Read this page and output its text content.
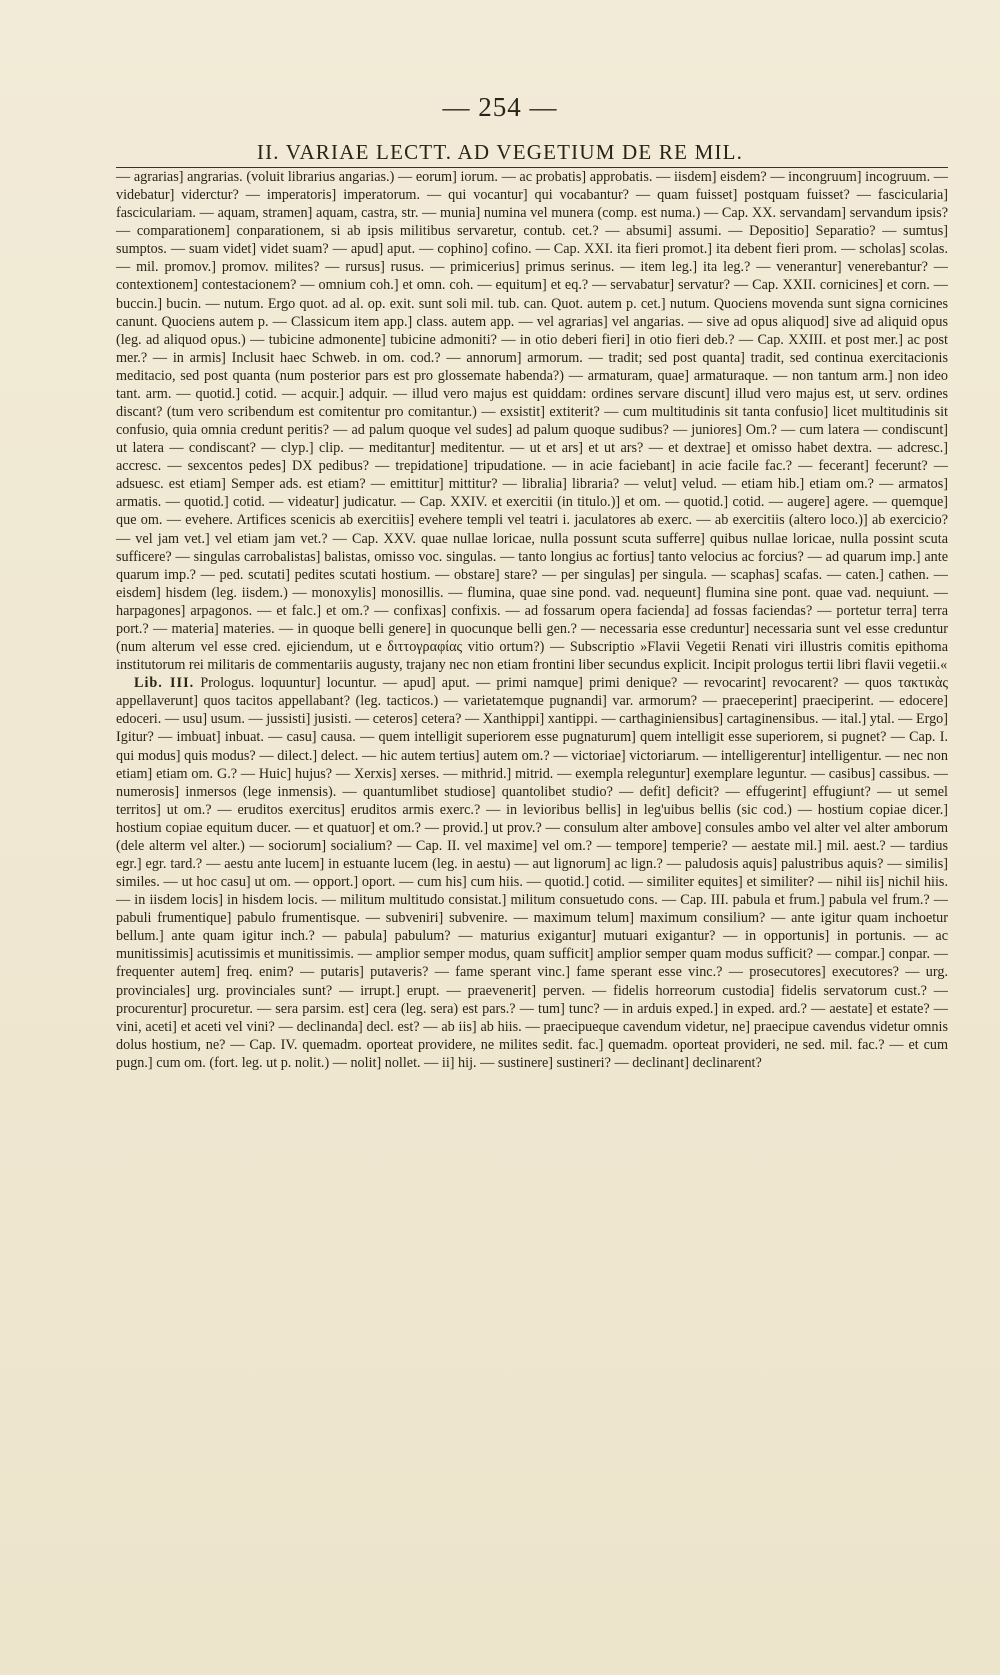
— 254 —
II. VARIAE LECTT. AD VEGETIUM DE RE MIL.

— agrarias] angrarias. (voluit librarius angarias.) — eorum] iorum. — ac probatis] approbatis. — iisdem] eisdem? — incongruum] incogruum. — videbatur] viderctur? — imperatoris] imperatorum. — qui vocantur] qui vocabantur? — quam fuisset] postquam fuisset? — fascicularia] fasciculariam. — aquam, stramen] aquam, castra, str. — munia] numina vel munera (comp. est numa.) — Cap. XX. servandam] servandum ipsis? — comparationem] conparationem, si ab ipsis militibus servaretur, contub. cet.? — absumi] assumi. — Depositio] Separatio? — sumtus] sumptos. — suam videt] videt suam? — apud] aput. — cophino] cofino. — Cap. XXI. ita fieri promot.] ita debent fieri prom. — scholas] scolas. — mil. promov.] promov. milites? — rursus] rusus. — primicerius] primus serinus. — item leg.] ita leg.? — venerantur] venerebantur? — contextionem] contestacionem? — omnium coh.] et omn. coh. — equitum] et eq.? — servabatur] servatur? — Cap. XXII. cornicines] et corn. — buccin.] bucin. — nutum. Ergo quot. ad al. op. exit. sunt soli mil. tub. can. Quot. autem p. cet.] nutum. Quociens movenda sunt signa cornicines canunt. Quociens autem p. — Classicum item app.] class. autem app. — vel agrarias] vel angarias. — sive ad opus aliquod] sive ad aliquid opus (leg. ad aliquod opus.) — tubicine admonente] tubicine admoniti? — in otio deberi fieri] in otio fieri deb.? — Cap. XXIII. et post mer.] ac post mer.? — in armis] Inclusit haec Schweb. in om. cod.? — annorum] armorum. — tradit; sed post quanta] tradit, sed continua exercitacionis meditacio, sed post quanta (num posterior pars est pro glossemate habenda?) — armaturam, quae] armaturaque. — non tantum arm.] non ideo tant. arm. — quotid.] cotid. — acquir.] adquir. — illud vero majus est quiddam: ordines servare discunt] illud vero majus est, ut serv. ordines discant? (tum vero scribendum est comitentur pro comitantur.) — exsistit] extiterit? — cum multitudinis sit tanta confusio] licet multitudinis sit confusio, quia omnia credunt peritis? — ad palum quoque vel sudes] ad palum quoque sudibus? — juniores] Om.? — cum latera — condiscunt] ut latera — condiscant? — clyp.] clip. — meditantur] meditentur. — ut et ars] et ut ars? — et dextrae] et omisso habet dextra. — adcresc.] accresc. — sexcentos pedes] DX pedibus? — trepidatione] tripudatione. — in acie faciebant] in acie facile fac.? — fecerant] fecerunt? — adsuesc. est etiam] Semper ads. est etiam? — emittitur] mittitur? — libralia] libraria? — velut] velud. — etiam hib.] etiam om.? — armatos] armatis. — quotid.] cotid. — videatur] judicatur. — Cap. XXIV. et exercitii (in titulo.)] et om. — quotid.] cotid. — augere] agere. — quemque] que om. — evehere. Artifices scenicis ab exercitiis] evehere templi vel teatri i. jaculatores ab exerc. — ab exercitiis (altero loco.)] ab exercicio? — vel jam vet.] vel etiam jam vet.? — Cap. XXV. quae nullae loricae, nulla possunt scuta sufferre] quibus nullae loricae, nulla possint scuta sufficere? — singulas carrobalistas] balistas, omisso voc. singulas. — tanto longius ac fortius] tanto velocius ac forcius? — ad quarum imp.] ante quarum imp.? — ped. scutati] pedites scutati hostium. — obstare] stare? — per singulas] per singula. — scaphas] scafas. — caten.] cathen. — eisdem] hisdem (leg. iisdem.) — monoxylis] monosillis. — flumina, quae sine pond. vad. nequeunt] flumina sine pont. quae vad. nequiunt. — harpagones] arpagonos. — et falc.] et om.? — confixas] confixis. — ad fossarum opera facienda] ad fossas faciendas? — portetur terra] terra port.? — materia] materies. — in quoque belli genere] in quocunque belli gen.? — necessaria esse creduntur] necessaria sunt vel esse creduntur (num alterum vel esse cred. ejiciendum, ut e διττογραφίας vitio ortum?) — Subscriptio »Flavii Vegetii Renati viri illustris comitis epithoma institutorum rei militaris de commentariis augusty, trajany nec non etiam frontini liber secundus explicit. Incipit prologus tertii libri flavii vegetii.«

Lib. III. Prologus. loquuntur] locuntur. — apud] aput. — primi namque] primi denique? — revocarint] revocarent? — quos τακτικὰς appellaverunt] quos tacitos appellabant? (leg. tacticos.) — varietatemque pugnandi] var. armorum? — praeceperint] praeciperint. — edocere] edoceri. — usu] usum. — jussisti] jusisti. — ceteros] cetera? — Xanthippi] xantippi. — carthaginiensibus] cartaginensibus. — ital.] ytal. — Ergo] Igitur? — imbuat] inbuat. — casu] causa. — quem intelligit superiorem esse pugnaturum] quem intelligit esse superiorem, si pugnet? — Cap. I. qui modus] quis modus? — dilect.] delect. — hic autem tertius] autem om.? — victoriae] victoriarum. — intelligerentur] intelligentur. — nec non etiam] etiam om. G.? — Huic] hujus? — Xerxis] xerses. — mithrid.] mitrid. — exempla releguntur] exemplare leguntur. — casibus] cassibus. — numerosis] inmersos (lege inmensis). — quantumlibet studiose] quantolibet studio? — defit] deficit? — effugerint] effugiunt? — ut semel territos] ut om.? — eruditos exercitus] eruditos armis exerc.? — in levioribus bellis] in leg'uibus bellis (sic cod.) — hostium copiae dicer.] hostium copiae equitum ducer. — et quatuor] et om.? — provid.] ut prov.? — consulum alter ambove] consules ambo vel alter vel alter amborum (dele alterm vel alter.) — sociorum] socialium? — Cap. II. vel maxime] vel om.? — tempore] temperie? — aestate mil.] mil. aest.? — tardius egr.] egr. tard.? — aestu ante lucem] in estuante lucem (leg. in aestu) — aut lignorum] ac lign.? — paludosis aquis] palustribus aquis? — similis] similes. — ut hoc casu] ut om. — opport.] oport. — cum his] cum hiis. — quotid.] cotid. — similiter equites] et similiter? — nihil iis] nichil hiis. — in iisdem locis] in hisdem locis. — militum multitudo consistat.] militum consuetudo cons. — Cap. III. pabula et frum.] pabula vel frum.? — pabuli frumentique] pabulo frumentisque. — subveniri] subvenire. — maximum telum] maximum consilium? — ante igitur quam inchoetur bellum.] ante quam igitur inch.? — pabula] pabulum? — maturius exigantur] mutuari exigantur? — in opportunis] in portunis. — ac munitissimis] acutissimis et munitissimis. — amplior semper modus, quam sufficit] amplior semper quam modus sufficit? — compar.] conpar. — frequenter autem] freq. enim? — putaris] putaveris? — fame sperant vinc.] fame sperant esse vinc.? — prosecutores] executores? — urg. provinciales] urg. provinciales sunt? — irrupt.] erupt. — praevenerit] perven. — fidelis horreorum custodia] fidelis servatorum cust.? — procurentur] procuretur. — sera parsim. est] cera (leg. sera) est pars.? — tum] tunc? — in arduis exped.] in exped. ard.? — aestate] et estate? — vini, aceti] et aceti vel vini? — declinanda] decl. est? — ab iis] ab hiis. — praecipueque cavendum videtur, ne] praecipue cavendus videtur omnis dolus hostium, ne? — Cap. IV. quemadm. oporteat providere, ne milites sedit. fac.] quemadm. oporteat provideri, ne sed. mil. fac.? — et cum pugn.] cum om. (fort. leg. ut p. nolit.) — nolit] nollet. — ii] hij. — sustinere] sustineri? — declinant] declinarent?
